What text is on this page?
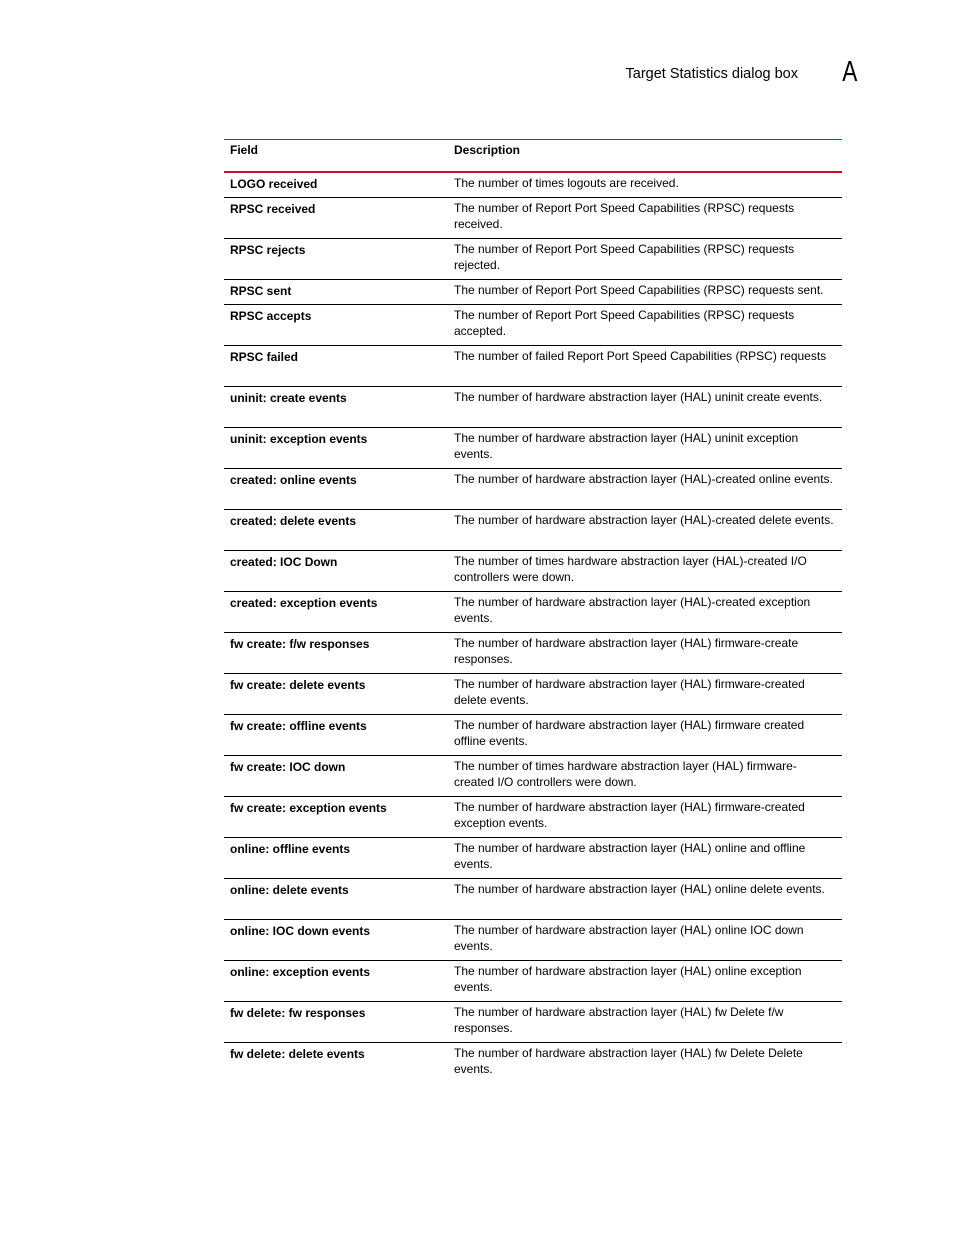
Target Statistics dialog box A
Field	Description
LOGO received	The number of times logouts are received.
RPSC received	The number of Report Port Speed Capabilities (RPSC) requests received.
RPSC rejects	The number of Report Port Speed Capabilities (RPSC) requests rejected.
RPSC sent	The number of Report Port Speed Capabilities (RPSC) requests sent.
RPSC accepts	The number of Report Port Speed Capabilities (RPSC) requests accepted.
RPSC failed	The number of failed Report Port Speed Capabilities (RPSC) requests
uninit: create events	The number of hardware abstraction layer (HAL) uninit create events.
uninit: exception events	The number of hardware abstraction layer (HAL) uninit exception events.
created: online events	The number of hardware abstraction layer (HAL)-created online events.
created: delete events	The number of hardware abstraction layer (HAL)-created delete events.
created: IOC Down	The number of times hardware abstraction layer (HAL)-created I/O controllers were down.
created: exception events	The number of hardware abstraction layer (HAL)-created exception events.
fw create: f/w responses	The number of hardware abstraction layer (HAL) firmware-create responses.
fw create: delete events	The number of hardware abstraction layer (HAL) firmware-created delete events.
fw create: offline events	The number of hardware abstraction layer (HAL) firmware created offline events.
fw create: IOC down	The number of times hardware abstraction layer (HAL) firmware-created I/O controllers were down.
fw create: exception events	The number of hardware abstraction layer (HAL) firmware-created exception events.
online: offline events	The number of hardware abstraction layer (HAL) online and offline events.
online: delete events	The number of hardware abstraction layer (HAL) online delete events.
online: IOC down events	The number of hardware abstraction layer (HAL) online IOC down events.
online: exception events	The number of hardware abstraction layer (HAL) online exception events.
fw delete: fw responses	The number of hardware abstraction layer (HAL) fw Delete f/w responses.
fw delete: delete events	The number of hardware abstraction layer (HAL) fw Delete Delete events.
